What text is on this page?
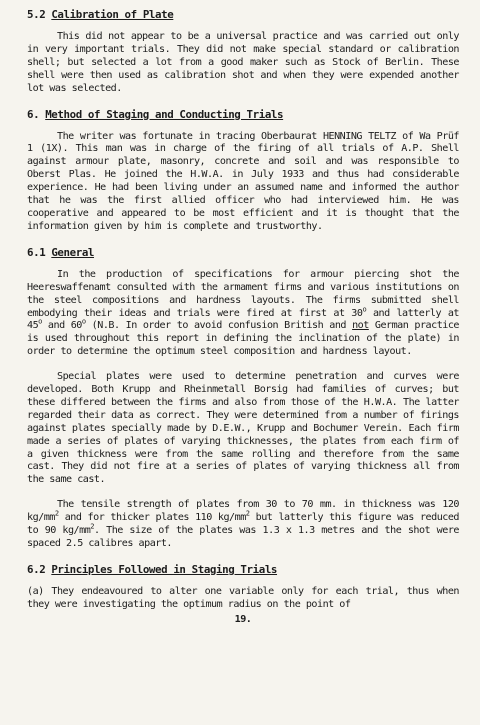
5.2 Calibration of Plate

This did not appear to be a universal practice and was carried out only in very important trials. They did not make special standard or calibration shell; but selected a lot from a good maker such as Stock of Berlin. These shell were then used as calibration shot and when they were expended another lot was selected.

6. Method of Staging and Conducting Trials

The writer was fortunate in tracing Oberbaurat HENNING TELTZ of Wa Prüf 1 (1X). This man was in charge of the firing of all trials of A.P. Shell against armour plate, masonry, concrete and soil and was responsible to Oberst Plas. He joined the H.W.A. in July 1933 and thus had considerable experience. He had been living under an assumed name and informed the author that he was the first allied officer who had interviewed him. He was cooperative and appeared to be most efficient and it is thought that the information given by him is complete and trustworthy.

6.1 General

In the production of specifications for armour piercing shot the Heereswaffenamt consulted with the armament firms and various institutions on the steel compositions and hardness layouts. The firms submitted shell embodying their ideas and trials were fired at first at 30$^o$ and latterly at 45$^o$ and 60$^o$ (N.B. In order to avoid confusion British and not German practice is used throughout this report in defining the inclination of the plate) in order to determine the optimum steel composition and hardness layout.

Special plates were used to determine penetration and curves were developed. Both Krupp and Rheinmetall Borsig had families of curves; but these differed between the firms and also from those of the H.W.A. The latter regarded their data as correct. They were determined from a number of firings against plates specially made by D.E.W., Krupp and Bochumer Verein. Each firm made a series of plates of varying thicknesses, the plates from each firm of a given thickness were from the same rolling and therefore from the same cast. They did not fire at a series of plates of varying thickness all from the same cast.

The tensile strength of plates from 30 to 70 mm. in thickness was 120 $kg/mm^2$ and for thicker plates 110 $kg/mm^2$ but latterly this figure was reduced to 90 $kg/mm^2$. The size of the plates was 1.3 x 1.3 metres and the shot were spaced 2.5 calibres apart.

6.2 Principles Followed in Staging Trials

(a) They endeavoured to alter one variable only for each trial, thus when they were investigating the optimum radius on the point of

19.
